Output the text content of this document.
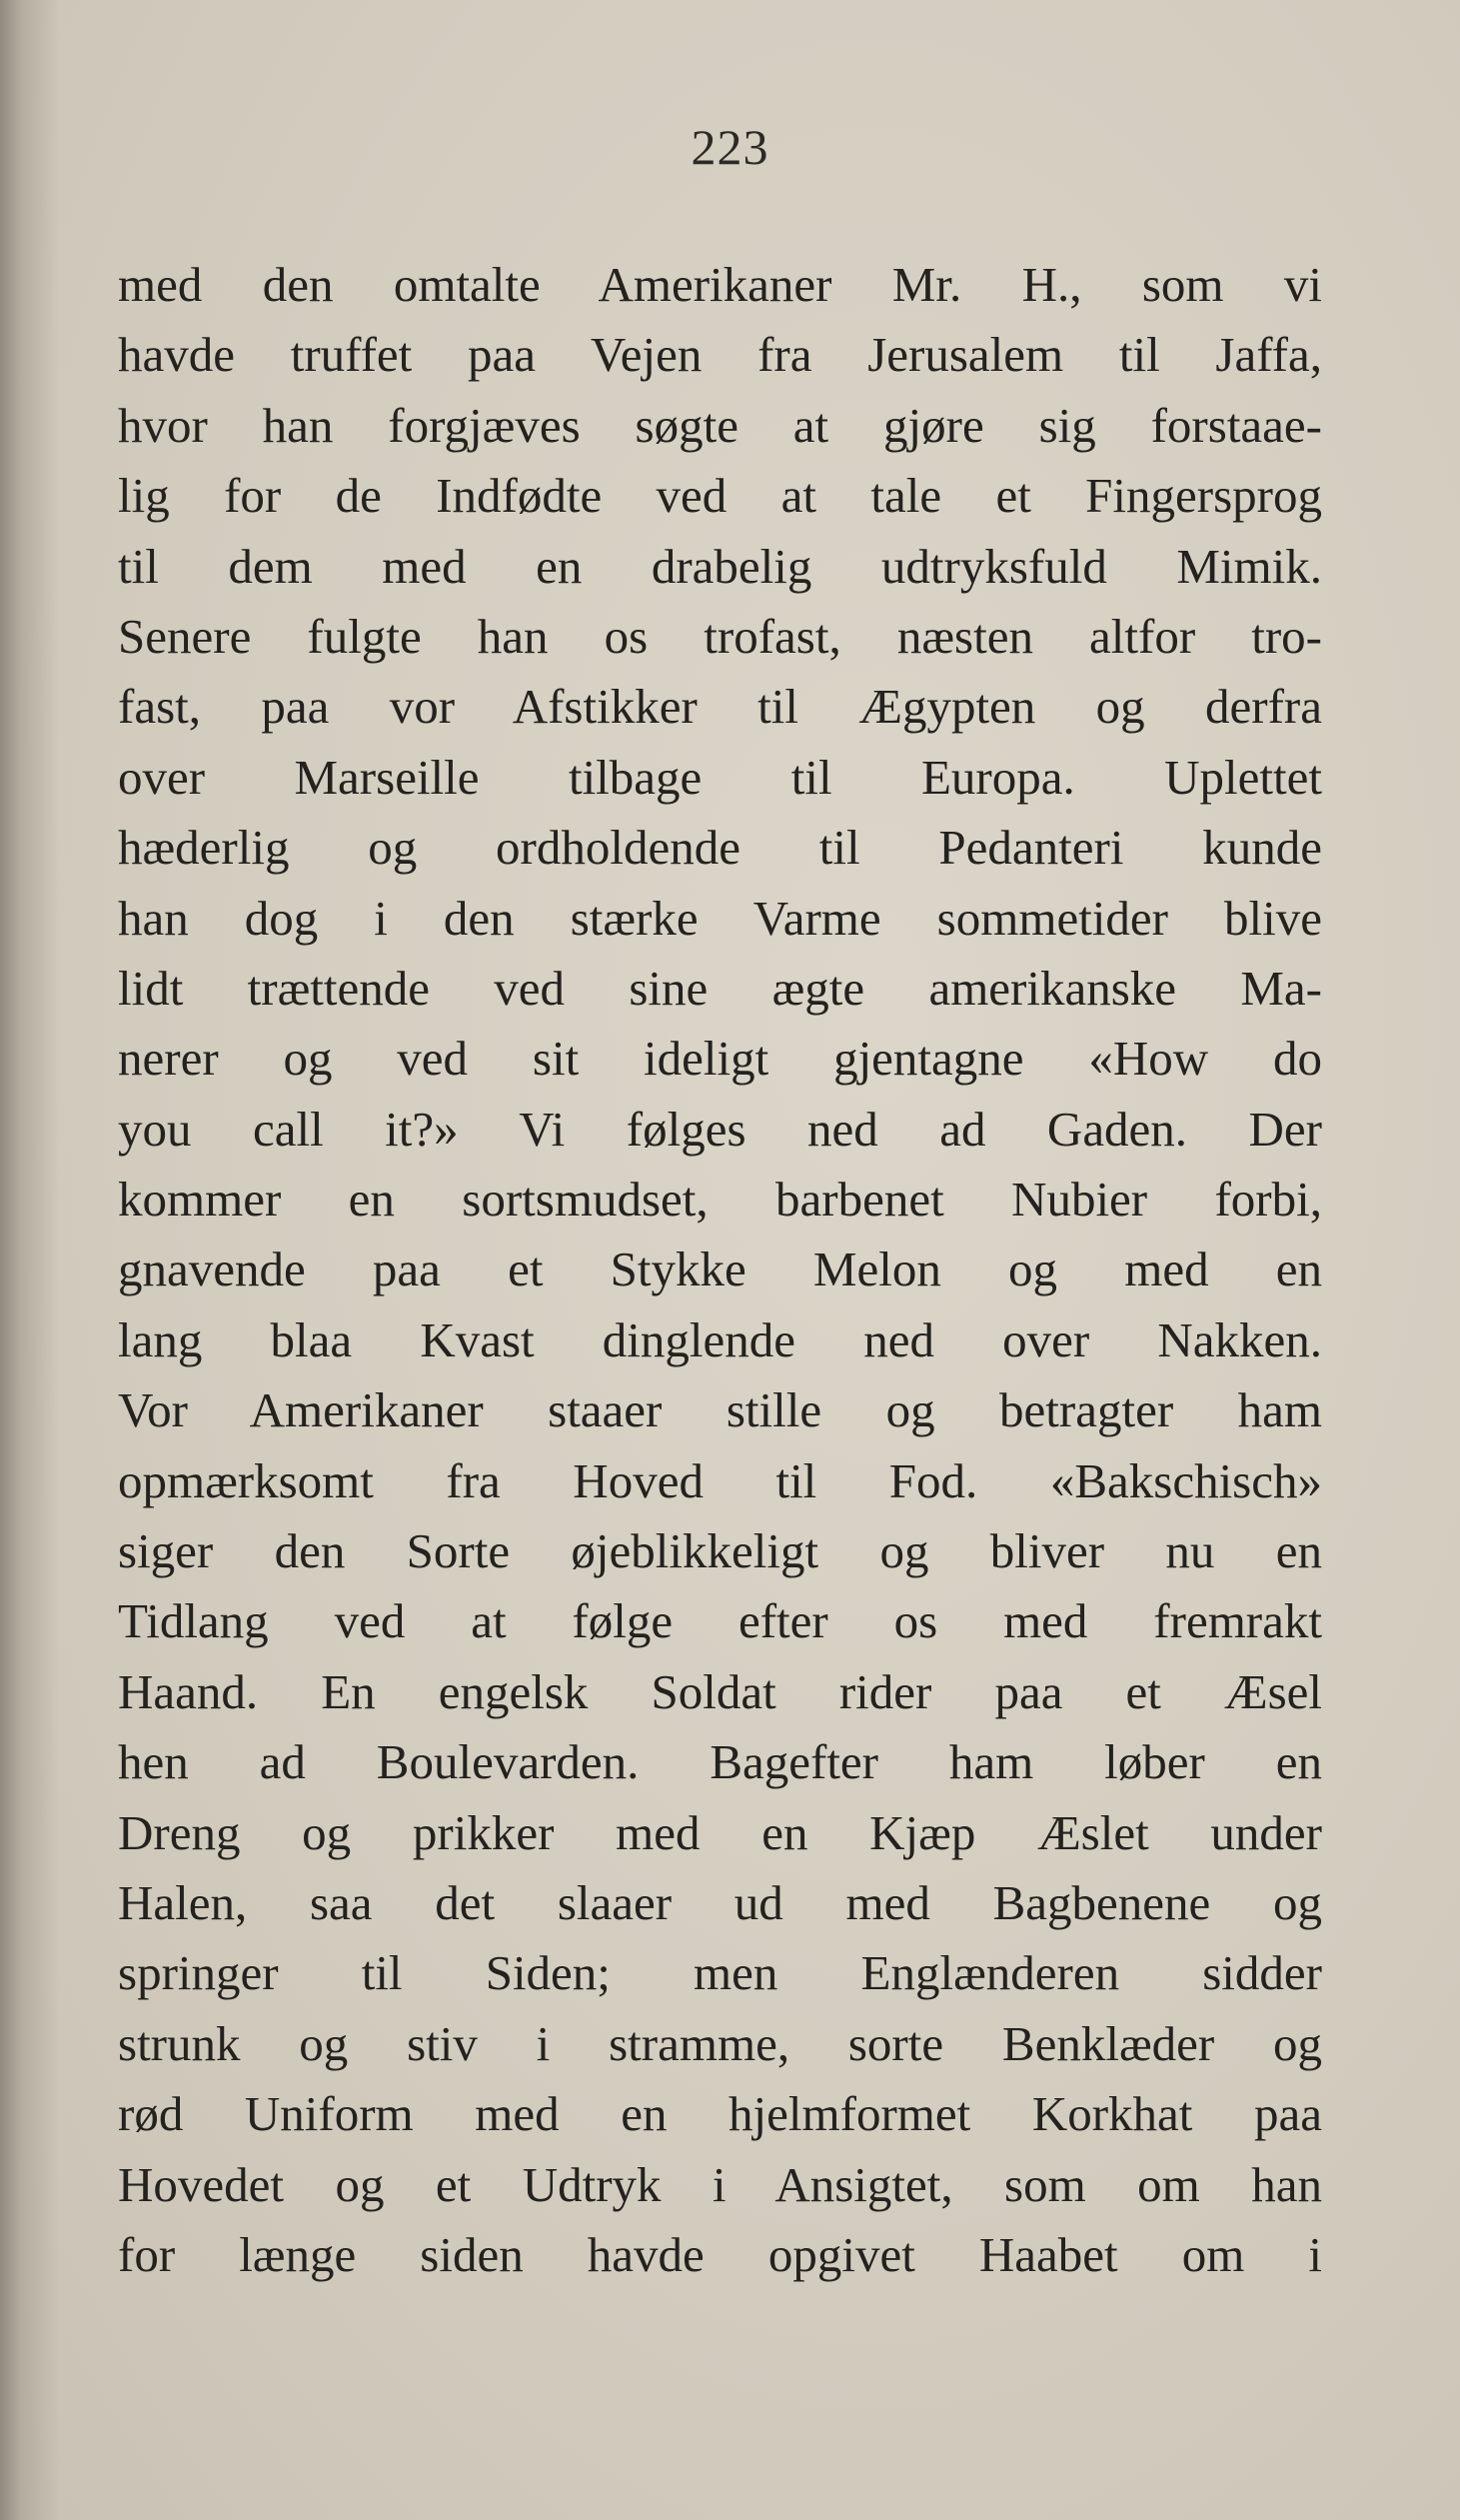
223
med den omtalte Amerikaner Mr. H., som vi
havde truffet paa Vejen fra Jerusalem til Jaffa,
hvor han forgjæves søgte at gjøre sig forstaae-
lig for de Indfødte ved at tale et Fingersprog
til dem med en drabelig udtryksfuld Mimik.
Senere fulgte han os trofast, næsten altfor tro-
fast, paa vor Afstikker til Ægypten og derfra
over Marseille tilbage til Europa. Uplettet
hæderlig og ordholdende til Pedanteri kunde
han dog i den stærke Varme sommetider blive
lidt trættende ved sine ægte amerikanske Ma-
nerer og ved sit ideligt gjentagne «How do
you call it?» Vi følges ned ad Gaden. Der
kommer en sortsmudset, barbenet Nubier forbi,
gnavende paa et Stykke Melon og med en
lang blaa Kvast dinglende ned over Nakken.
Vor Amerikaner staaer stille og betragter ham
opmærksomt fra Hoved til Fod. «Bakschisch»
siger den Sorte øjeblikkeligt og bliver nu en
Tidlang ved at følge efter os med fremrakt
Haand. En engelsk Soldat rider paa et Æsel
hen ad Boulevarden. Bagefter ham løber en
Dreng og prikker med en Kjæp Æslet under
Halen, saa det slaaer ud med Bagbenene og
springer til Siden; men Englænderen sidder
strunk og stiv i stramme, sorte Benklæder og
rød Uniform med en hjelmformet Korkhat paa
Hovedet og et Udtryk i Ansigtet, som om han
for længe siden havde opgivet Haabet om i
